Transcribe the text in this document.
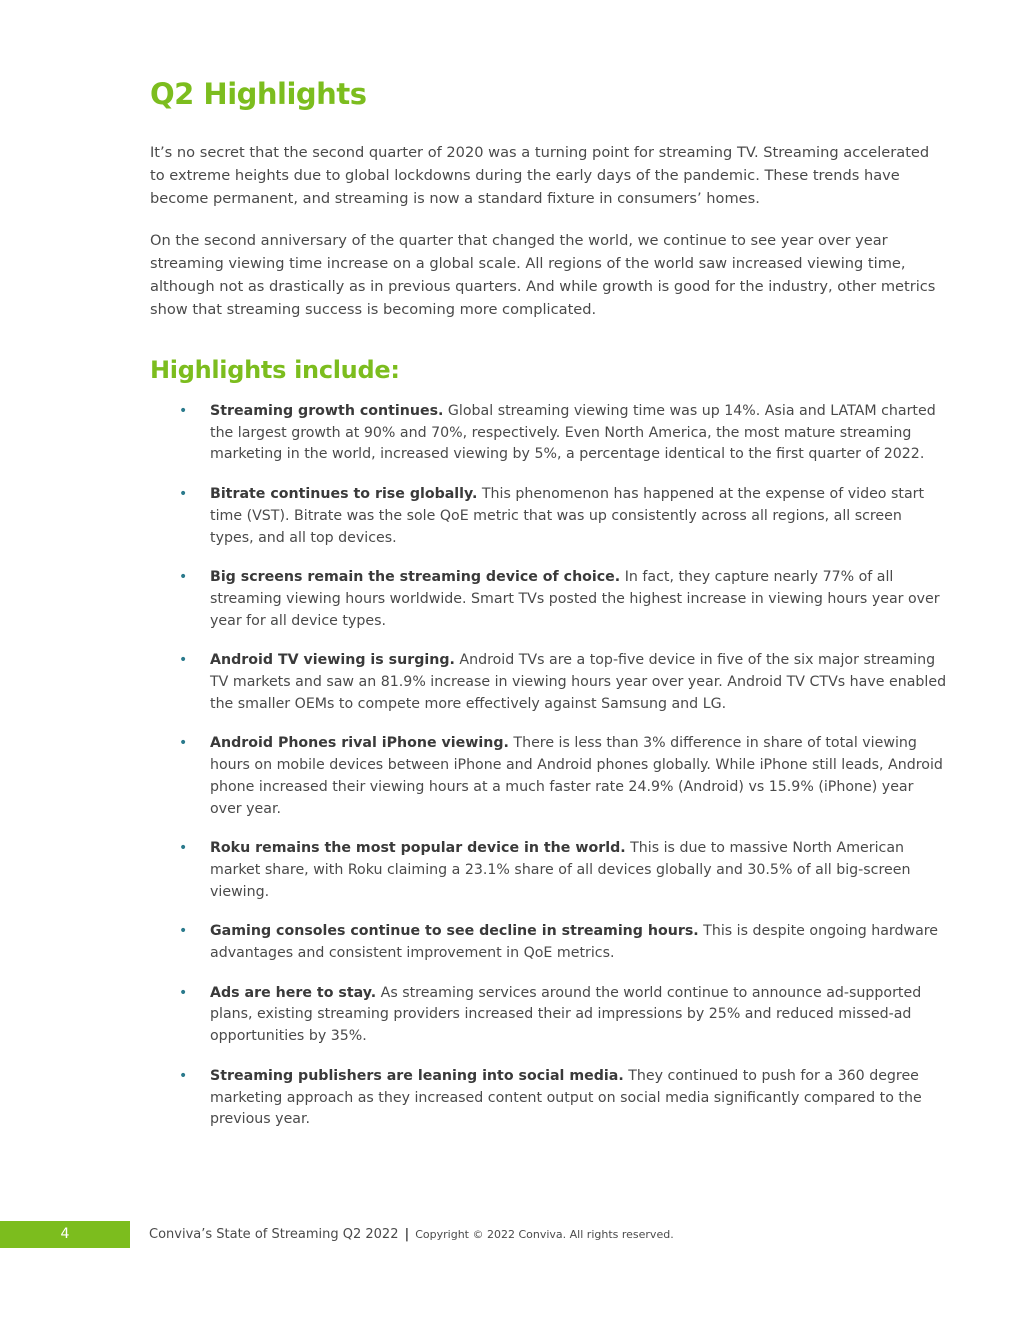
Q2 Highlights

It’s no secret that the second quarter of 2020 was a turning point for streaming TV. Streaming accelerated to extreme heights due to global lockdowns during the early days of the pandemic. These trends have become permanent, and streaming is now a standard fixture in consumers’ homes.

On the second anniversary of the quarter that changed the world, we continue to see year over year streaming viewing time increase on a global scale. All regions of the world saw increased viewing time, although not as drastically as in previous quarters. And while growth is good for the industry, other metrics show that streaming success is becoming more complicated.

Highlights include:
• Streaming growth continues. Global streaming viewing time was up 14%. Asia and LATAM charted the largest growth at 90% and 70%, respectively. Even North America, the most mature streaming marketing in the world, increased viewing by 5%, a percentage identical to the first quarter of 2022.
• Bitrate continues to rise globally. This phenomenon has happened at the expense of video start time (VST). Bitrate was the sole QoE metric that was up consistently across all regions, all screen types, and all top devices.
• Big screens remain the streaming device of choice. In fact, they capture nearly 77% of all streaming viewing hours worldwide. Smart TVs posted the highest increase in viewing hours year over year for all device types.
• Android TV viewing is surging. Android TVs are a top-five device in five of the six major streaming TV markets and saw an 81.9% increase in viewing hours year over year. Android TV CTVs have enabled the smaller OEMs to compete more effectively against Samsung and LG.
• Android Phones rival iPhone viewing. There is less than 3% difference in share of total viewing hours on mobile devices between iPhone and Android phones globally. While iPhone still leads, Android phone increased their viewing hours at a much faster rate 24.9% (Android) vs 15.9% (iPhone) year over year.
• Roku remains the most popular device in the world. This is due to massive North American market share, with Roku claiming a 23.1% share of all devices globally and 30.5% of all big-screen viewing.
• Gaming consoles continue to see decline in streaming hours. This is despite ongoing hardware advantages and consistent improvement in QoE metrics.
• Ads are here to stay. As streaming services around the world continue to announce ad-supported plans, existing streaming providers increased their ad impressions by 25% and reduced missed-ad opportunities by 35%.
• Streaming publishers are leaning into social media. They continued to push for a 360 degree marketing approach as they increased content output on social media significantly compared to the previous year.
4	Conviva’s State of Streaming Q2 2022 | Copyright © 2022 Conviva. All rights reserved.
